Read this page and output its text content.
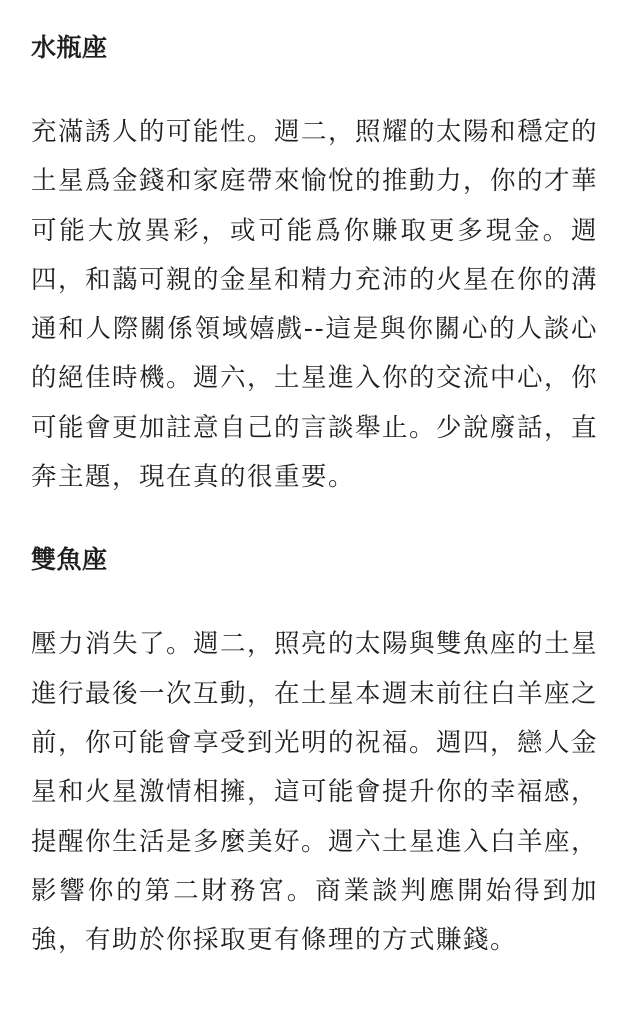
水瓶座

充滿誘人的可能性。週二，照耀的太陽和穩定的土星爲金錢和家庭帶來愉悅的推動力，你的才華可能大放異彩，或可能爲你賺取更多現金。週四，和藹可親的金星和精力充沛的火星在你的溝通和人際關係領域嬉戲--這是與你關心的人談心的絕佳時機。週六，土星進入你的交流中心，你可能會更加註意自己的言談舉止。少說廢話，直奔主題，現在真的很重要。

雙魚座

壓力消失了。週二，照亮的太陽與雙魚座的土星進行最後一次互動，在土星本週末前往白羊座之前，你可能會享受到光明的祝福。週四，戀人金星和火星激情相擁，這可能會提升你的幸福感，提醒你生活是多麼美好。週六土星進入白羊座，影響你的第二財務宮。商業談判應開始得到加強，有助於你採取更有條理的方式賺錢。
